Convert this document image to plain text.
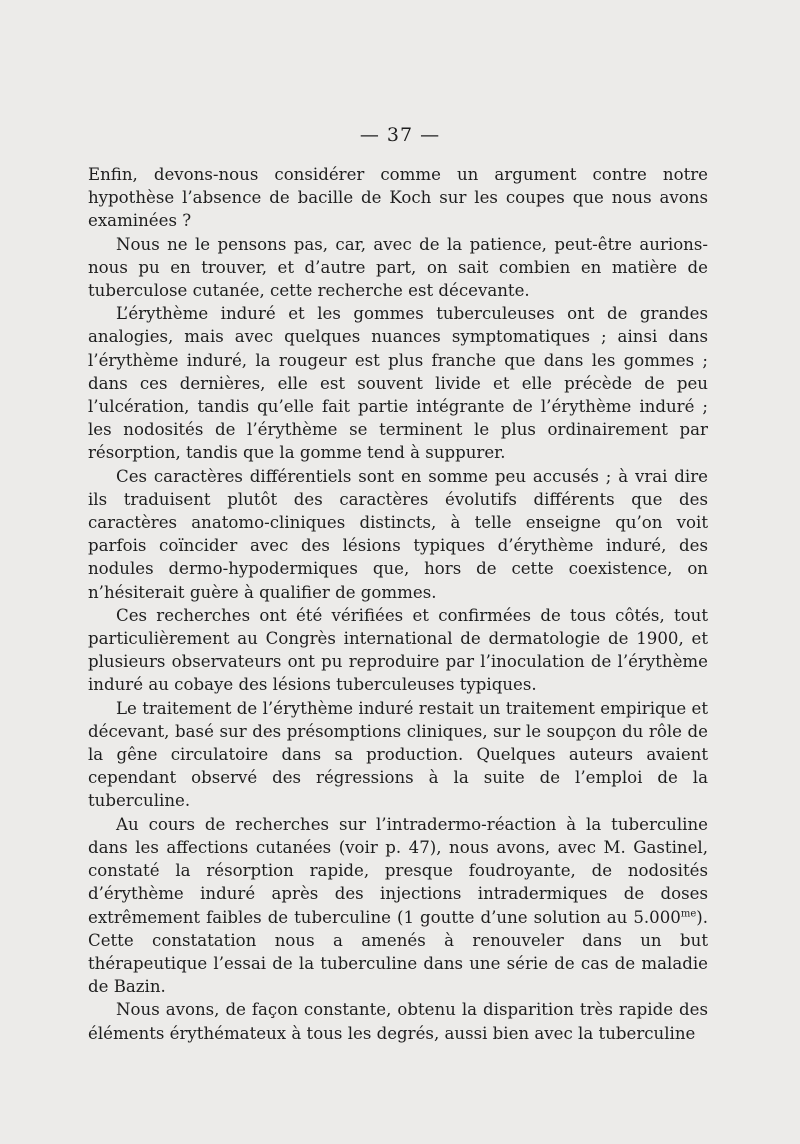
— 37 —

Enfin, devons-nous considérer comme un argument contre notre hypothèse l’absence de bacille de Koch sur les coupes que nous avons examinées ?

Nous ne le pensons pas, car, avec de la patience, peut-être aurions-nous pu en trouver, et d’autre part, on sait combien en matière de tuberculose cutanée, cette recherche est décevante.

L’érythème induré et les gommes tuberculeuses ont de grandes analogies, mais avec quelques nuances symptomatiques ; ainsi dans l’érythème induré, la rougeur est plus franche que dans les gommes ; dans ces dernières, elle est souvent livide et elle précède de peu l’ulcération, tandis qu’elle fait partie intégrante de l’érythème induré ; les nodosités de l’érythème se terminent le plus ordinairement par résorption, tandis que la gomme tend à suppurer.

Ces caractères différentiels sont en somme peu accusés ; à vrai dire ils traduisent plutôt des caractères évolutifs différents que des caractères anatomo-cliniques distincts, à telle enseigne qu’on voit parfois coïncider avec des lésions typiques d’érythème induré, des nodules dermo-hypodermiques que, hors de cette coexistence, on n’hésiterait guère à qualifier de gommes.

Ces recherches ont été vérifiées et confirmées de tous côtés, tout particulièrement au Congrès international de dermatologie de 1900, et plusieurs observateurs ont pu reproduire par l’inoculation de l’érythème induré au cobaye des lésions tuberculeuses typiques.

Le traitement de l’érythème induré restait un traitement empirique et décevant, basé sur des présomptions cliniques, sur le soupçon du rôle de la gêne circulatoire dans sa production. Quelques auteurs avaient cependant observé des régressions à la suite de l’emploi de la tuberculine.

Au cours de recherches sur l’intradermo-réaction à la tuberculine dans les affections cutanées (voir p. 47), nous avons, avec M. Gastinel, constaté la résorption rapide, presque foudroyante, de nodosités d’érythème induré après des injections intradermiques de doses extrêmement faibles de tuberculine (1 goutte d’une solution au $5.000^{me}$). Cette constatation nous a amenés à renouveler dans un but thérapeutique l’essai de la tuberculine dans une série de cas de maladie de Bazin.

Nous avons, de façon constante, obtenu la disparition très rapide des éléments érythémateux à tous les degrés, aussi bien avec la tuberculine
